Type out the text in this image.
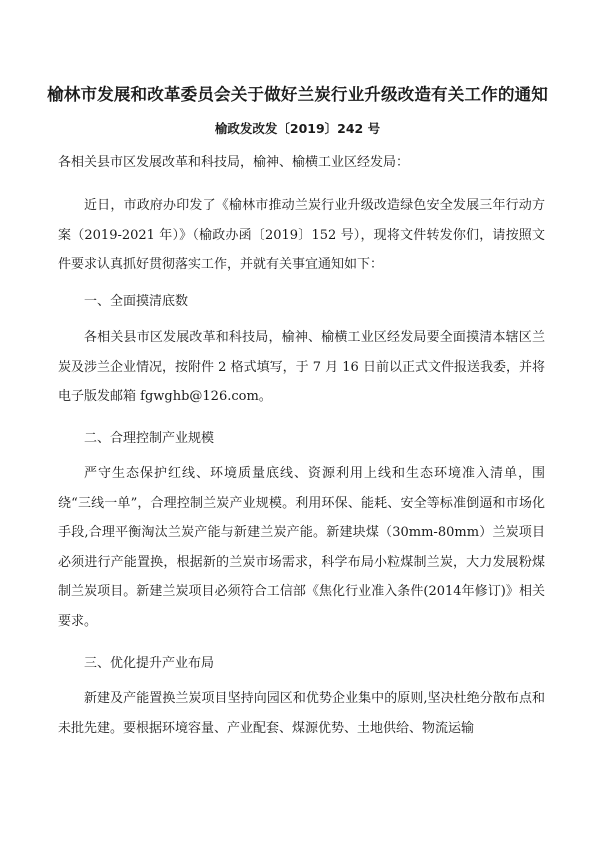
榆林市发展和改革委员会关于做好兰炭行业升级改造有关工作的通知
榆政发改发〔2019〕242 号
各相关县市区发展改革和科技局，榆神、榆横工业区经发局：
近日，市政府办印发了《榆林市推动兰炭行业升级改造绿色安全发展三年行动方案（2019-2021 年）》（榆政办函〔2019〕152 号），现将文件转发你们，请按照文件要求认真抓好贯彻落实工作，并就有关事宜通知如下：
一、全面摸清底数
各相关县市区发展改革和科技局，榆神、榆横工业区经发局要全面摸清本辖区兰炭及涉兰企业情况，按附件 2 格式填写，于 7 月 16 日前以正式文件报送我委，并将电子版发邮箱 fgwghb@126.com。
二、合理控制产业规模
严守生态保护红线、环境质量底线、资源利用上线和生态环境准入清单，围绕“三线一单”，合理控制兰炭产业规模。利用环保、能耗、安全等标准倒逼和市场化手段,合理平衡淘汰兰炭产能与新建兰炭产能。新建块煤（30mm-80mm）兰炭项目必须进行产能置换，根据新的兰炭市场需求，科学布局小粒煤制兰炭，大力发展粉煤制兰炭项目。新建兰炭项目必须符合工信部《焦化行业准入条件(2014年修订)》相关要求。
三、优化提升产业布局
新建及产能置换兰炭项目坚持向园区和优势企业集中的原则,坚决杜绝分散布点和未批先建。要根据环境容量、产业配套、煤源优势、土地供给、物流运输
